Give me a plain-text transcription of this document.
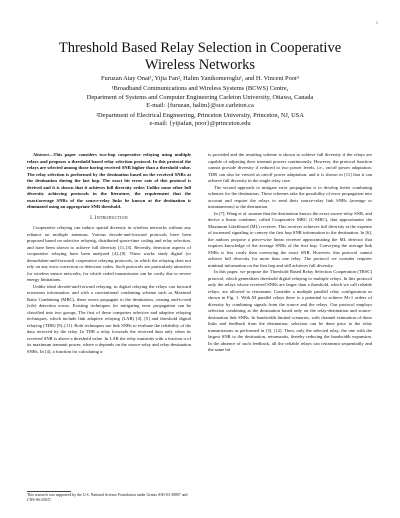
1
Threshold Based Relay Selection in Cooperative
Wireless Networks
Furuzan Atay Onat¹, Yijia Fan², Halim Yanikomeroglu¹, and H. Vincent Poor²
¹Broadband Communications and Wireless Systems (BCWS) Centre,
Department of Systems and Computer Engineering Carleton University, Ottawa, Canada
E-mail: {furuzan, halim}@sce.carleton.ca
²Department of Electrical Engineering, Princeton University, Princeton, NJ, USA
e-mail: {yijiafan, poor}@princeton.edu

Abstract—This paper considers two-hop cooperative relaying using multiple relays and proposes a threshold based relay selection protocol. In this protocol the relays are selected among those having received SNR higher than a threshold value. The relay selection is performed by the destination based on the received SNRs at the destination during the last hop. The exact bit error rate of this protocol is derived and it is shown that it achieves full diversity order. Unlike some other full diversity achieving protocols in the literature, the requirement that the exact/average SNRs of the source-relay links be known at the destination is eliminated using an appropriate SNR threshold.

I. Introduction

Cooperative relaying can induce spatial diversity in wireless networks without any reliance on multiple antennas. Various decode-and-forward protocols have been proposed based on selective relaying, distributed space-time coding and relay selection, and have been shown to achieve full diversity [1]–[3]. Recently, detection aspects of cooperative relaying have been analyzed [4]–[8]. These works study digital (or demodulate-and-forward) cooperative relaying protocols, in which the relaying does not rely on any error correction or detection codes. Such protocols are particularly attractive for wireless sensor networks, for which coded transmission can be costly due to severe energy limitations.

Unlike ideal decode-and-forward relaying, in digital relaying the relays can forward erroneous information, and with a conventional combining scheme such as Maximal Ratio Combining (MRC), these errors propagate to the destination, causing end-to-end (e2e) detection errors. Existing techniques for mitigating error propagation can be classified into two groups. The first of these comprises selective and adaptive relaying techniques, which include link adaptive relaying (LAR) [4], [5] and threshold digital relaying (TDR) [9]–[11]. Both techniques use link SNRs to evaluate the reliability of the data received by the relay. In TDR a relay forwards the received data only when its received SNR is above a threshold value. In LAR the relay transmits with a fraction α of its maximum transmit power, where α depends on the source-relay and relay-destination SNRs. In [4], a function for calculating α

is provided and the resulting scheme is shown to achieve full diversity if the relays are capable of adjusting their transmit powers continuously. However, the protocol function cannot provide diversity if reduced to two power levels, i.e., on/off power adaptation. TDR can also be viewed as on/off power adaptation, and it is shown in [11] that it can achieve full diversity in the single relay case.

The second approach to mitigate error propagation is to develop better combining schemes for the destination. These schemes take the possibility of error propagation into account and require the relays to send their source-relay link SNRs (average or instantaneous) to the destination.

In [7], Wang et al. assume that the destination knows the exact source-relay SNR, and derive a linear combiner, called Cooperative MRC (C-MRC), that approximates the Maximum Likelihood (ML) receiver. This receiver achieves full diversity at the expense of increased signaling to convey the first hop SNR information to the destination. In [6], the authors propose a piece-wise linear receiver approximating the ML detector that requires knowledge of the average SNRs of the first hop. Conveying the average link SNRs is less costly than conveying the exact SNR. However, this protocol cannot achieve full diversity for more than one relay. The protocol we consider requires minimal information on the first hop and still achieves full diversity.

In this paper, we propose the Threshold Based Relay Selection Cooperation (TRSC) protocol, which generalizes threshold digital relaying to multiple relays. In this protocol only the relays whose received SNRs are larger than a threshold, which we call reliable relays, are allowed to retransmit. Consider a multiple parallel relay configuration as shown in Fig. 1. With M parallel relays there is a potential to achieve M+1 orders of diversity by combining signals from the source and the relays. Our protocol employs selection combining at the destination based only on the relay-destination and source-destination link SNRs. In bandwidth limited scenarios, with channel estimation of these links and feedback from the destination, selection can be done prior to the relay transmissions as performed in [3], [12]. Then, only the selected relay, the one with the largest SNR to the destination, retransmits, thereby reducing the bandwidth expansion. In the absence of such feedback, all the reliable relays can retransmit sequentially and the same bit

This research was supported by the U.S. National Science Foundation under Grants ANI-03-38807 and CNS-06-25637.
